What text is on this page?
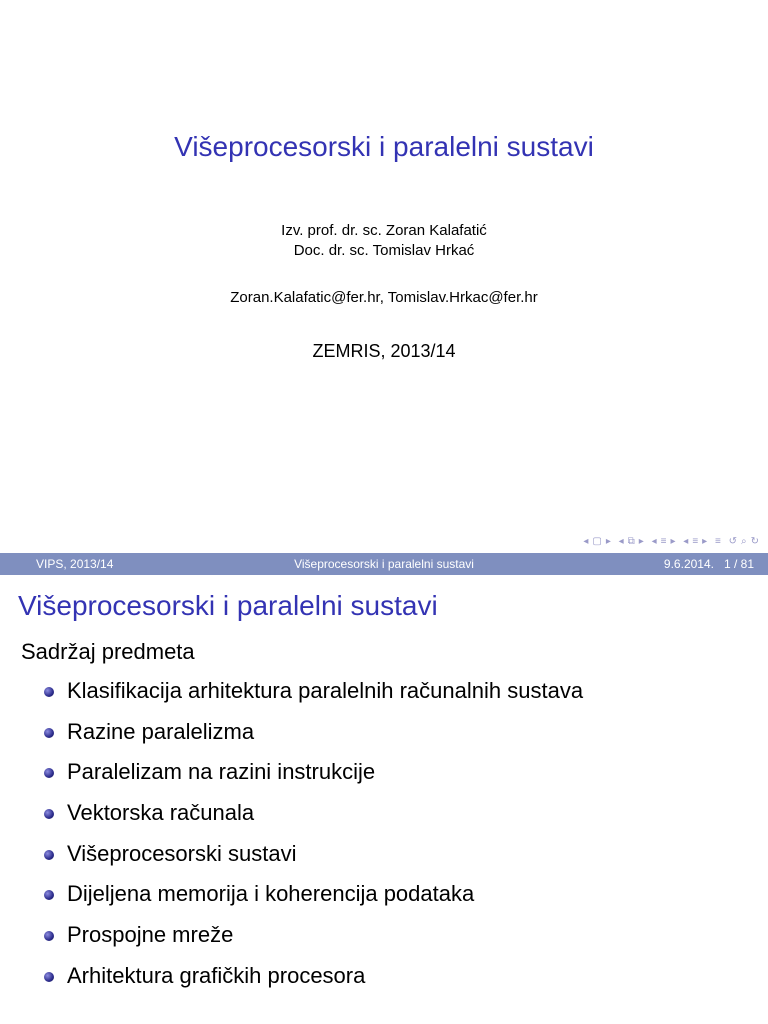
Višeprocesorski i paralelni sustavi
Izv. prof. dr. sc. Zoran Kalafatić
Doc. dr. sc. Tomislav Hrkać
Zoran.Kalafatic@fer.hr, Tomislav.Hrkac@fer.hr
ZEMRIS, 2013/14
◂ ▢ ▸ ◂ ⧉ ▸ ◂ ≡ ▸ ◂ ≡ ▸ ≡ ↺ ⌕ ↻
VIPS, 2013/14	Višeprocesorski i paralelni sustavi	9.6.2014. 1 / 81
Višeprocesorski i paralelni sustavi
Sadržaj predmeta
Klasifikacija arhitektura paralelnih računalnih sustava
Razine paralelizma
Paralelizam na razini instrukcije
Vektorska računala
Višeprocesorski sustavi
Dijeljena memorija i koherencija podataka
Prospojne mreže
Arhitektura grafičkih procesora
